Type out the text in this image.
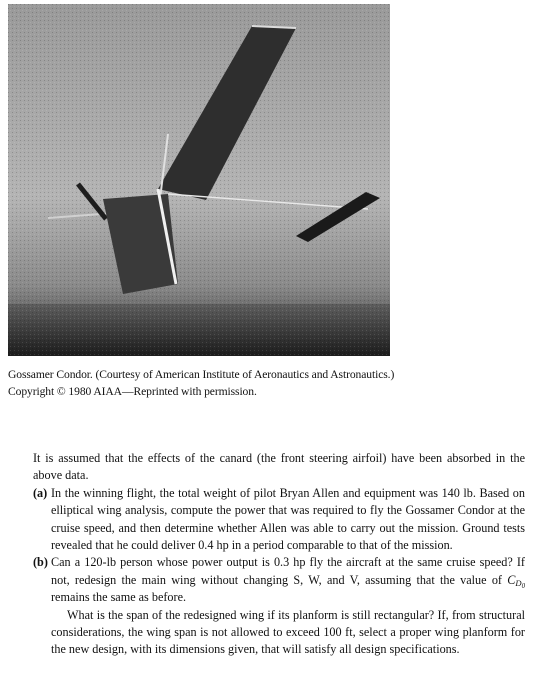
Gossamer Condor. (Courtesy of American Institute of Aeronautics and Astronautics.) Copyright © 1980 AIAA—Reprinted with permission.

It is assumed that the effects of the canard (the front steering airfoil) have been absorbed in the above data.

(a) In the winning flight, the total weight of pilot Bryan Allen and equipment was 140 lb. Based on elliptical wing analysis, compute the power that was required to fly the Gossamer Condor at the cruise speed, and then determine whether Allen was able to carry out the mission. Ground tests revealed that he could deliver 0.4 hp in a period comparable to that of the mission.

(b) Can a 120-lb person whose power output is 0.3 hp fly the aircraft at the same cruise speed? If not, redesign the main wing without changing S, W, and V, assuming that the value of $C_{D_0}$ remains the same as before.

What is the span of the redesigned wing if its planform is still rectangular? If, from structural considerations, the wing span is not allowed to exceed 100 ft, select a proper wing planform for the new design, with its dimensions given, that will satisfy all design specifications.
